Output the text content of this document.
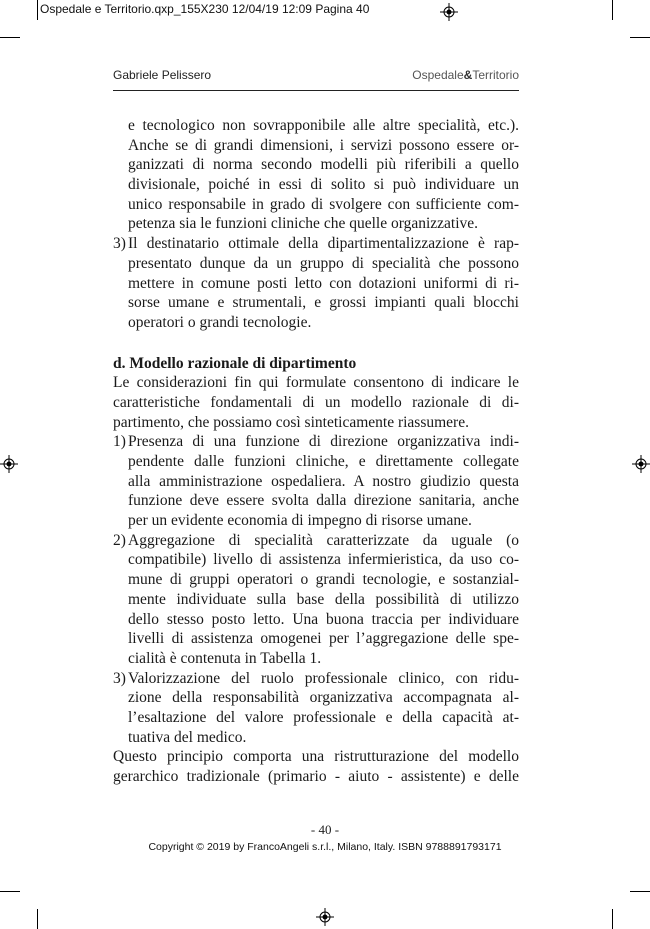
Ospedale e Territorio.qxp_155X230 12/04/19 12:09 Pagina 40
Gabriele Pelissero	Ospedale&Territorio
e tecnologico non sovrapponibile alle altre specialità, etc.).
Anche se di grandi dimensioni, i servizi possono essere or-
ganizzati di norma secondo modelli più riferibili a quello
divisionale, poiché in essi di solito si può individuare un
unico responsabile in grado di svolgere con sufficiente com-
petenza sia le funzioni cliniche che quelle organizzative.
3) Il destinatario ottimale della dipartimentalizzazione è rap-
presentato dunque da un gruppo di specialità che possono
mettere in comune posti letto con dotazioni uniformi di ri-
sorse umane e strumentali, e grossi impianti quali blocchi
operatori o grandi tecnologie.
d. Modello razionale di dipartimento
Le considerazioni fin qui formulate consentono di indicare le
caratteristiche fondamentali di un modello razionale di di-
partimento, che possiamo così sinteticamente riassumere.
1) Presenza di una funzione di direzione organizzativa indi-
pendente dalle funzioni cliniche, e direttamente collegate
alla amministrazione ospedaliera. A nostro giudizio questa
funzione deve essere svolta dalla direzione sanitaria, anche
per un evidente economia di impegno di risorse umane.
2) Aggregazione di specialità caratterizzate da uguale (o
compatibile) livello di assistenza infermieristica, da uso co-
mune di gruppi operatori o grandi tecnologie, e sostanzial-
mente individuate sulla base della possibilità di utilizzo
dello stesso posto letto. Una buona traccia per individuare
livelli di assistenza omogenei per l’aggregazione delle spe-
cialità è contenuta in Tabella 1.
3) Valorizzazione del ruolo professionale clinico, con ridu-
zione della responsabilità organizzativa accompagnata al-
l’esaltazione del valore professionale e della capacità at-
tuativa del medico.
Questo principio comporta una ristrutturazione del modello
gerarchico tradizionale (primario - aiuto - assistente) e delle
- 40 -
Copyright © 2019 by FrancoAngeli s.r.l., Milano, Italy. ISBN 9788891793171
